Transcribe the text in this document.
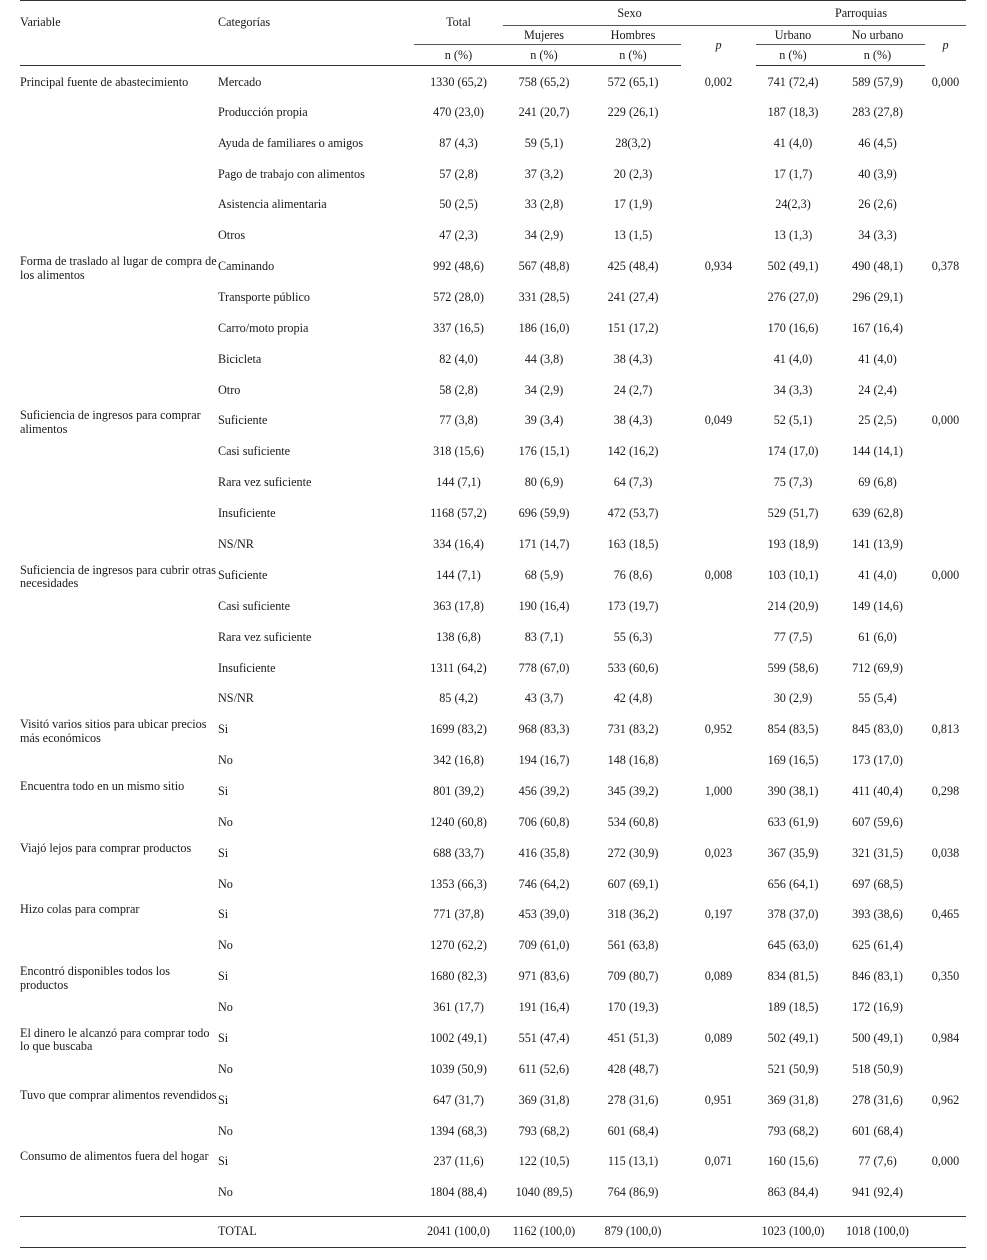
Variable	Categorías	Total	Sexo			Parroquias		
			Mujeres	Hombres	p	Urbano	No urbano	p
		n (%)	n (%)	n (%)		n (%)	n (%)	

Principal fuente de abastecimiento	Mercado	1330 (65,2)	758 (65,2)	572 (65,1)	0,002	741 (72,4)	589 (57,9)	0,000

	Producción propia	470 (23,0)	241 (20,7)	229 (26,1)		187 (18,3)	283 (27,8)	

	Ayuda de familiares o amigos	87 (4,3)	59 (5,1)	28(3,2)		41 (4,0)	46 (4,5)	

	Pago de trabajo con alimentos	57 (2,8)	37 (3,2)	20 (2,3)		17 (1,7)	40 (3,9)	

	Asistencia alimentaria	50 (2,5)	33 (2,8)	17 (1,9)		24(2,3)	26 (2,6)	

	Otros	47 (2,3)	34 (2,9)	13 (1,5)		13 (1,3)	34 (3,3)	

Forma de traslado al lugar de compra de los alimentos	Caminando	992 (48,6)	567 (48,8)	425 (48,4)	0,934	502 (49,1)	490 (48,1)	0,378

	Transporte público	572 (28,0)	331 (28,5)	241 (27,4)		276 (27,0)	296 (29,1)	

	Carro/moto propia	337 (16,5)	186 (16,0)	151 (17,2)		170 (16,6)	167 (16,4)	

	Bicicleta	82 (4,0)	44 (3,8)	38 (4,3)		41 (4,0)	41 (4,0)	

	Otro	58 (2,8)	34 (2,9)	24 (2,7)		34 (3,3)	24 (2,4)	

Suficiencia de ingresos para comprar alimentos	Suficiente	77 (3,8)	39 (3,4)	38 (4,3)	0,049	52 (5,1)	25 (2,5)	0,000

	Casi suficiente	318 (15,6)	176 (15,1)	142 (16,2)		174 (17,0)	144 (14,1)	

	Rara vez suficiente	144 (7,1)	80 (6,9)	64 (7,3)		75 (7,3)	69 (6,8)	

	Insuficiente	1168 (57,2)	696 (59,9)	472 (53,7)		529 (51,7)	639 (62,8)	

	NS/NR	334 (16,4)	171 (14,7)	163 (18,5)		193 (18,9)	141 (13,9)	

Suficiencia de ingresos para cubrir otras necesidades	Suficiente	144 (7,1)	68 (5,9)	76 (8,6)	0,008	103 (10,1)	41 (4,0)	0,000

	Casi suficiente	363 (17,8)	190 (16,4)	173 (19,7)		214 (20,9)	149 (14,6)	

	Rara vez suficiente	138 (6,8)	83 (7,1)	55 (6,3)		77 (7,5)	61 (6,0)	

	Insuficiente	1311 (64,2)	778 (67,0)	533 (60,6)		599 (58,6)	712 (69,9)	

	NS/NR	85 (4,2)	43 (3,7)	42 (4,8)		30 (2,9)	55 (5,4)	

Visitó varios sitios para ubicar precios más económicos	Si	1699 (83,2)	968 (83,3)	731 (83,2)	0,952	854 (83,5)	845 (83,0)	0,813

	No	342 (16,8)	194 (16,7)	148 (16,8)		169 (16,5)	173 (17,0)	

Encuentra todo en un mismo sitio	Si	801 (39,2)	456 (39,2)	345 (39,2)	1,000	390 (38,1)	411 (40,4)	0,298

	No	1240 (60,8)	706 (60,8)	534 (60,8)		633 (61,9)	607 (59,6)	

Viajó lejos para comprar productos	Si	688 (33,7)	416 (35,8)	272 (30,9)	0,023	367 (35,9)	321 (31,5)	0,038

	No	1353 (66,3)	746 (64,2)	607 (69,1)		656 (64,1)	697 (68,5)	

Hizo colas para comprar	Si	771 (37,8)	453 (39,0)	318 (36,2)	0,197	378 (37,0)	393 (38,6)	0,465

	No	1270 (62,2)	709 (61,0)	561 (63,8)		645 (63,0)	625 (61,4)	

Encontró disponibles todos los productos	Si	1680 (82,3)	971 (83,6)	709 (80,7)	0,089	834 (81,5)	846 (83,1)	0,350

	No	361 (17,7)	191 (16,4)	170 (19,3)		189 (18,5)	172 (16,9)	

El dinero le alcanzó para comprar todo lo que buscaba	Si	1002 (49,1)	551 (47,4)	451 (51,3)	0,089	502 (49,1)	500 (49,1)	0,984

	No	1039 (50,9)	611 (52,6)	428 (48,7)		521 (50,9)	518 (50,9)	

Tuvo que comprar alimentos revendidos	Si	647 (31,7)	369 (31,8)	278 (31,6)	0,951	369 (31,8)	278 (31,6)	0,962

	No	1394 (68,3)	793 (68,2)	601 (68,4)		793 (68,2)	601 (68,4)	

Consumo de alimentos fuera del hogar	Si	237 (11,6)	122 (10,5)	115 (13,1)	0,071	160 (15,6)	77 (7,6)	0,000

	No	1804 (88,4)	1040 (89,5)	764 (86,9)		863 (84,4)	941 (92,4)	

	TOTAL	2041 (100,0)	1162 (100,0)	879 (100,0)		1023 (100,0)	1018 (100,0)	
